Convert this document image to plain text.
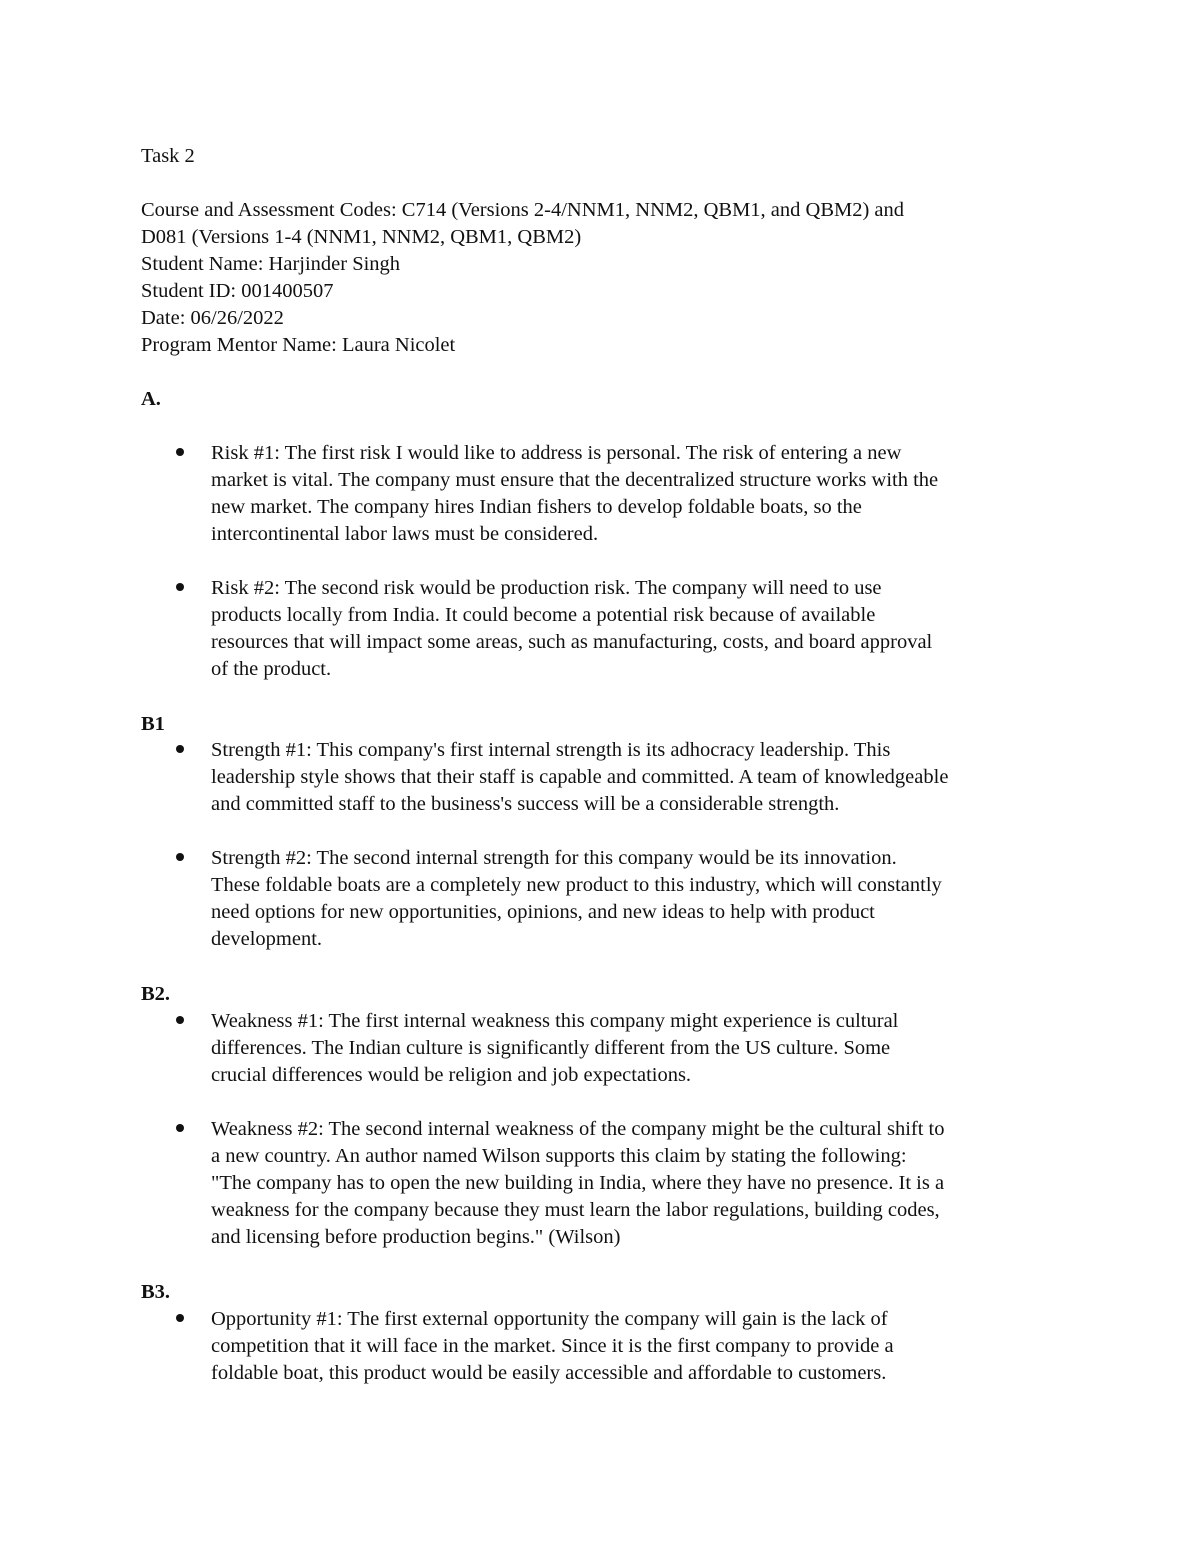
Task 2
Course and Assessment Codes: C714 (Versions 2-4/NNM1, NNM2, QBM1, and QBM2) and
D081 (Versions 1-4 (NNM1, NNM2, QBM1, QBM2)
Student Name: Harjinder Singh
Student ID: 001400507
Date: 06/26/2022
Program Mentor Name: Laura Nicolet
A.
Risk #1: The first risk I would like to address is personal. The risk of entering a new
market is vital. The company must ensure that the decentralized structure works with the
new market. The company hires Indian fishers to develop foldable boats, so the
intercontinental labor laws must be considered.
Risk #2: The second risk would be production risk. The company will need to use
products locally from India. It could become a potential risk because of available
resources that will impact some areas, such as manufacturing, costs, and board approval
of the product.
B1
Strength #1: This company's first internal strength is its adhocracy leadership. This
leadership style shows that their staff is capable and committed. A team of knowledgeable
and committed staff to the business's success will be a considerable strength.
Strength #2: The second internal strength for this company would be its innovation.
These foldable boats are a completely new product to this industry, which will constantly
need options for new opportunities, opinions, and new ideas to help with product
development.
B2.
Weakness #1: The first internal weakness this company might experience is cultural
differences. The Indian culture is significantly different from the US culture. Some
crucial differences would be religion and job expectations.
Weakness #2: The second internal weakness of the company might be the cultural shift to
a new country. An author named Wilson supports this claim by stating the following:
"The company has to open the new building in India, where they have no presence. It is a
weakness for the company because they must learn the labor regulations, building codes,
and licensing before production begins." (Wilson)
B3.
Opportunity #1: The first external opportunity the company will gain is the lack of
competition that it will face in the market. Since it is the first company to provide a
foldable boat, this product would be easily accessible and affordable to customers.
